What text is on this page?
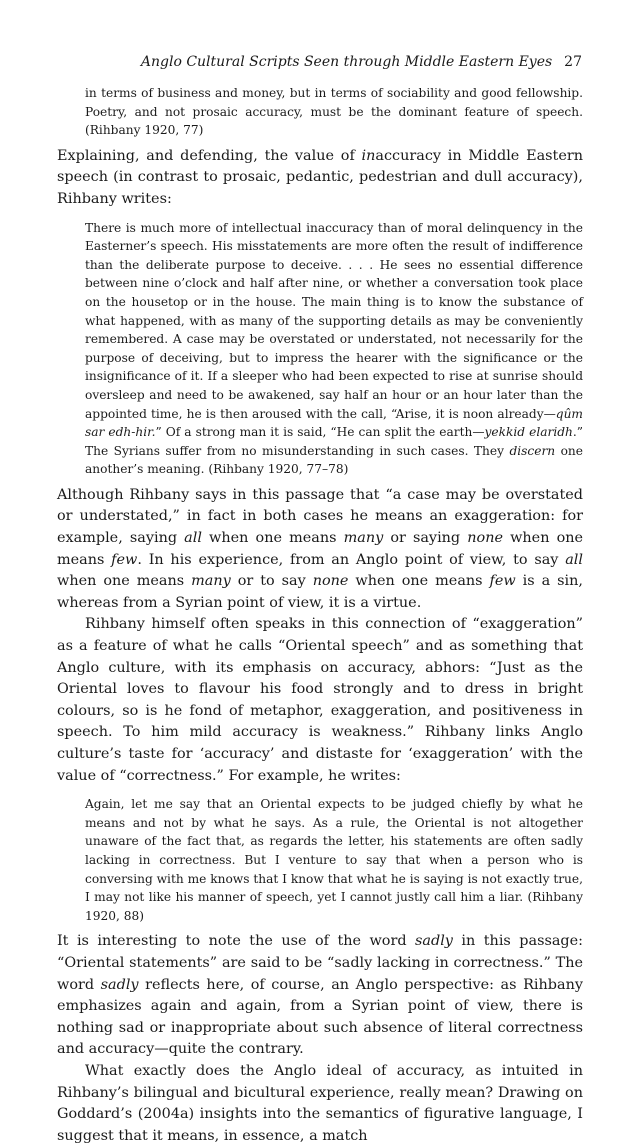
Anglo Cultural Scripts Seen through Middle Eastern Eyes 27

in terms of business and money, but in terms of sociability and good fellowship. Poetry, and not prosaic accuracy, must be the dominant feature of speech. (Rihbany 1920, 77)

Explaining, and defending, the value of inaccuracy in Middle Eastern speech (in contrast to prosaic, pedantic, pedestrian and dull accuracy), Rihbany writes:

There is much more of intellectual inaccuracy than of moral delinquency in the Easterner’s speech. His misstatements are more often the result of indifference than the deliberate purpose to deceive. . . . He sees no essential difference between nine o’clock and half after nine, or whether a conversation took place on the housetop or in the house. The main thing is to know the substance of what happened, with as many of the supporting details as may be conveniently remembered. A case may be overstated or understated, not necessarily for the purpose of deceiving, but to impress the hearer with the significance or the insignificance of it. If a sleeper who had been expected to rise at sunrise should oversleep and need to be awakened, say half an hour or an hour later than the appointed time, he is then aroused with the call, “Arise, it is noon already—qûm sar edh-hir.” Of a strong man it is said, “He can split the earth—yekkid elaridh.” The Syrians suffer from no misunderstanding in such cases. They discern one another’s meaning. (Rihbany 1920, 77–78)

Although Rihbany says in this passage that “a case may be overstated or understated,” in fact in both cases he means an exaggeration: for example, saying all when one means many or saying none when one means few. In his experience, from an Anglo point of view, to say all when one means many or to say none when one means few is a sin, whereas from a Syrian point of view, it is a virtue.

Rihbany himself often speaks in this connection of “exaggeration” as a feature of what he calls “Oriental speech” and as something that Anglo culture, with its emphasis on accuracy, abhors: “Just as the Oriental loves to flavour his food strongly and to dress in bright colours, so is he fond of metaphor, exaggeration, and positiveness in speech. To him mild accuracy is weakness.” Rihbany links Anglo culture’s taste for ‘accuracy’ and distaste for ‘exaggeration’ with the value of “correctness.” For example, he writes:

Again, let me say that an Oriental expects to be judged chiefly by what he means and not by what he says. As a rule, the Oriental is not altogether unaware of the fact that, as regards the letter, his statements are often sadly lacking in correctness. But I venture to say that when a person who is conversing with me knows that I know that what he is saying is not exactly true, I may not like his manner of speech, yet I cannot justly call him a liar. (Rihbany 1920, 88)

It is interesting to note the use of the word sadly in this passage: “Oriental statements” are said to be “sadly lacking in correctness.” The word sadly reflects here, of course, an Anglo perspective: as Rihbany emphasizes again and again, from a Syrian point of view, there is nothing sad or inappropriate about such absence of literal correctness and accuracy—quite the contrary.

What exactly does the Anglo ideal of accuracy, as intuited in Rihbany’s bilingual and bicultural experience, really mean? Drawing on Goddard’s (2004a) insights into the semantics of figurative language, I suggest that it means, in essence, a match
